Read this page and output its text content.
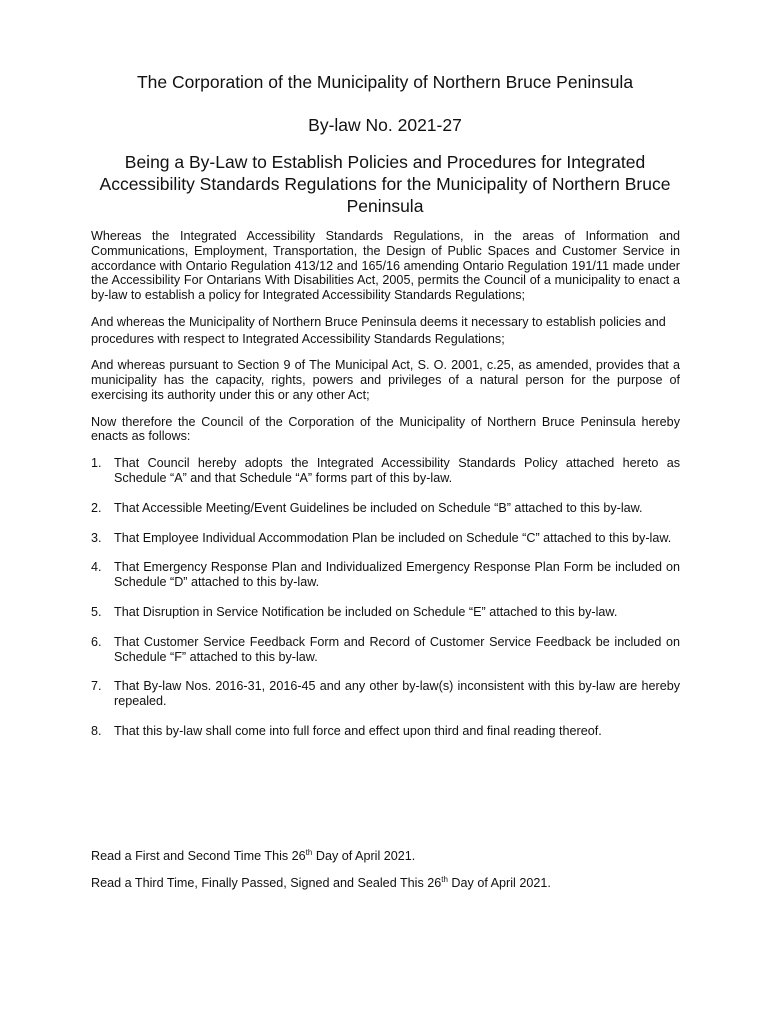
The Corporation of the Municipality of Northern Bruce Peninsula
By-law No. 2021-27
Being a By-Law to Establish Policies and Procedures for Integrated Accessibility Standards Regulations for the Municipality of Northern Bruce Peninsula

Whereas the Integrated Accessibility Standards Regulations, in the areas of Information and Communications, Employment, Transportation, the Design of Public Spaces and Customer Service in accordance with Ontario Regulation 413/12 and 165/16 amending Ontario Regulation 191/11 made under the Accessibility For Ontarians With Disabilities Act, 2005, permits the Council of a municipality to enact a by-law to establish a policy for Integrated Accessibility Standards Regulations;

And whereas the Municipality of Northern Bruce Peninsula deems it necessary to establish policies and procedures with respect to Integrated Accessibility Standards Regulations;

And whereas pursuant to Section 9 of The Municipal Act, S. O. 2001, c.25, as amended, provides that a municipality has the capacity, rights, powers and privileges of a natural person for the purpose of exercising its authority under this or any other Act;

Now therefore the Council of the Corporation of the Municipality of Northern Bruce Peninsula hereby enacts as follows:

1. That Council hereby adopts the Integrated Accessibility Standards Policy attached hereto as Schedule “A” and that Schedule “A” forms part of this by-law.
2. That Accessible Meeting/Event Guidelines be included on Schedule “B” attached to this by-law.
3. That Employee Individual Accommodation Plan be included on Schedule “C” attached to this by-law.
4. That Emergency Response Plan and Individualized Emergency Response Plan Form be included on Schedule “D” attached to this by-law.
5. That Disruption in Service Notification be included on Schedule “E” attached to this by-law.
6. That Customer Service Feedback Form and Record of Customer Service Feedback be included on Schedule “F” attached to this by-law.
7. That By-law Nos. 2016-31, 2016-45 and any other by-law(s) inconsistent with this by-law are hereby repealed.
8. That this by-law shall come into full force and effect upon third and final reading thereof.
Read a First and Second Time This 26th Day of April 2021.
Read a Third Time, Finally Passed, Signed and Sealed This 26th Day of April 2021.
